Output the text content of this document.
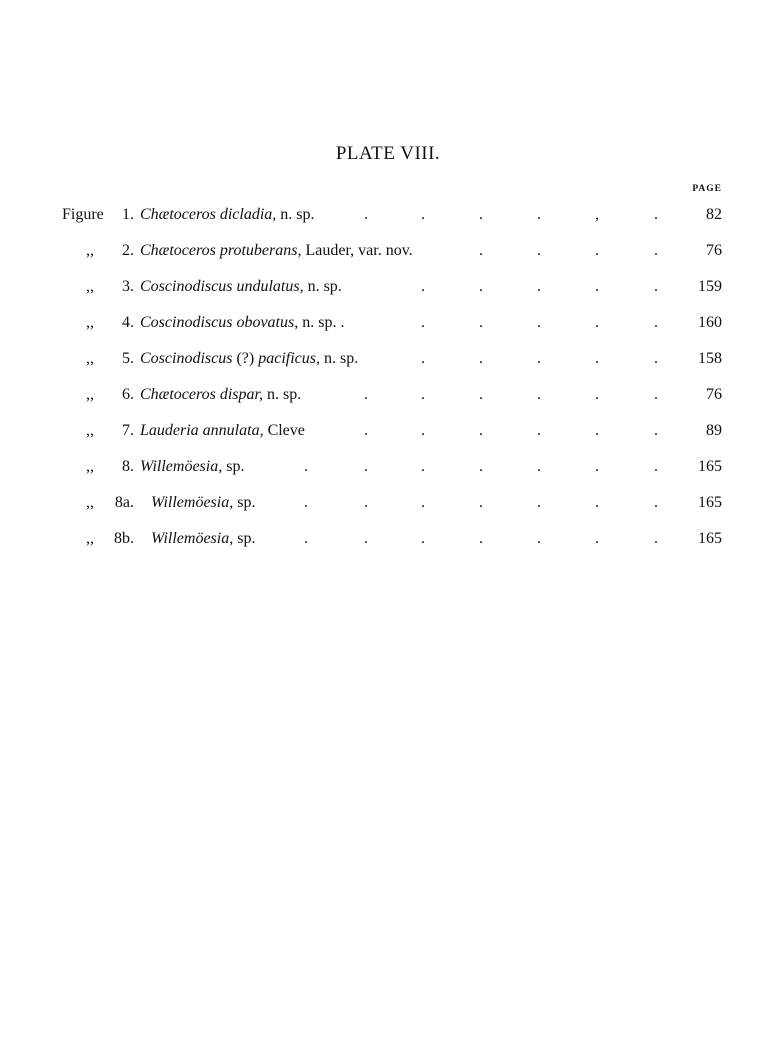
PLATE VIII.
PAGE
Figure 1. Chætoceros dicladia, n. sp.	.	.	.	.	,	.	82
,, 2. Chætoceros protuberans, Lauder, var. nov.	.	.	.	.	76
,, 3. Coscinodiscus undulatus, n. sp.	.	.	.	.	.	159
,, 4. Coscinodiscus obovatus, n. sp. .	.	.	.	.	.	160
,, 5. Coscinodiscus (?) pacificus, n. sp.	.	.	.	.	.	158
,, 6. Chætoceros dispar, n. sp.	.	.	.	.	.	.	76
,, 7. Lauderia annulata, Cleve	.	.	.	.	.	.	89
,, 8. Willemöesia, sp.	.	.	.	.	.	.	.	165
,, 8a. Willemöesia, sp.	.	.	.	.	.	.	.	165
,, 8b. Willemöesia, sp.	.	.	.	.	.	.	.	165
